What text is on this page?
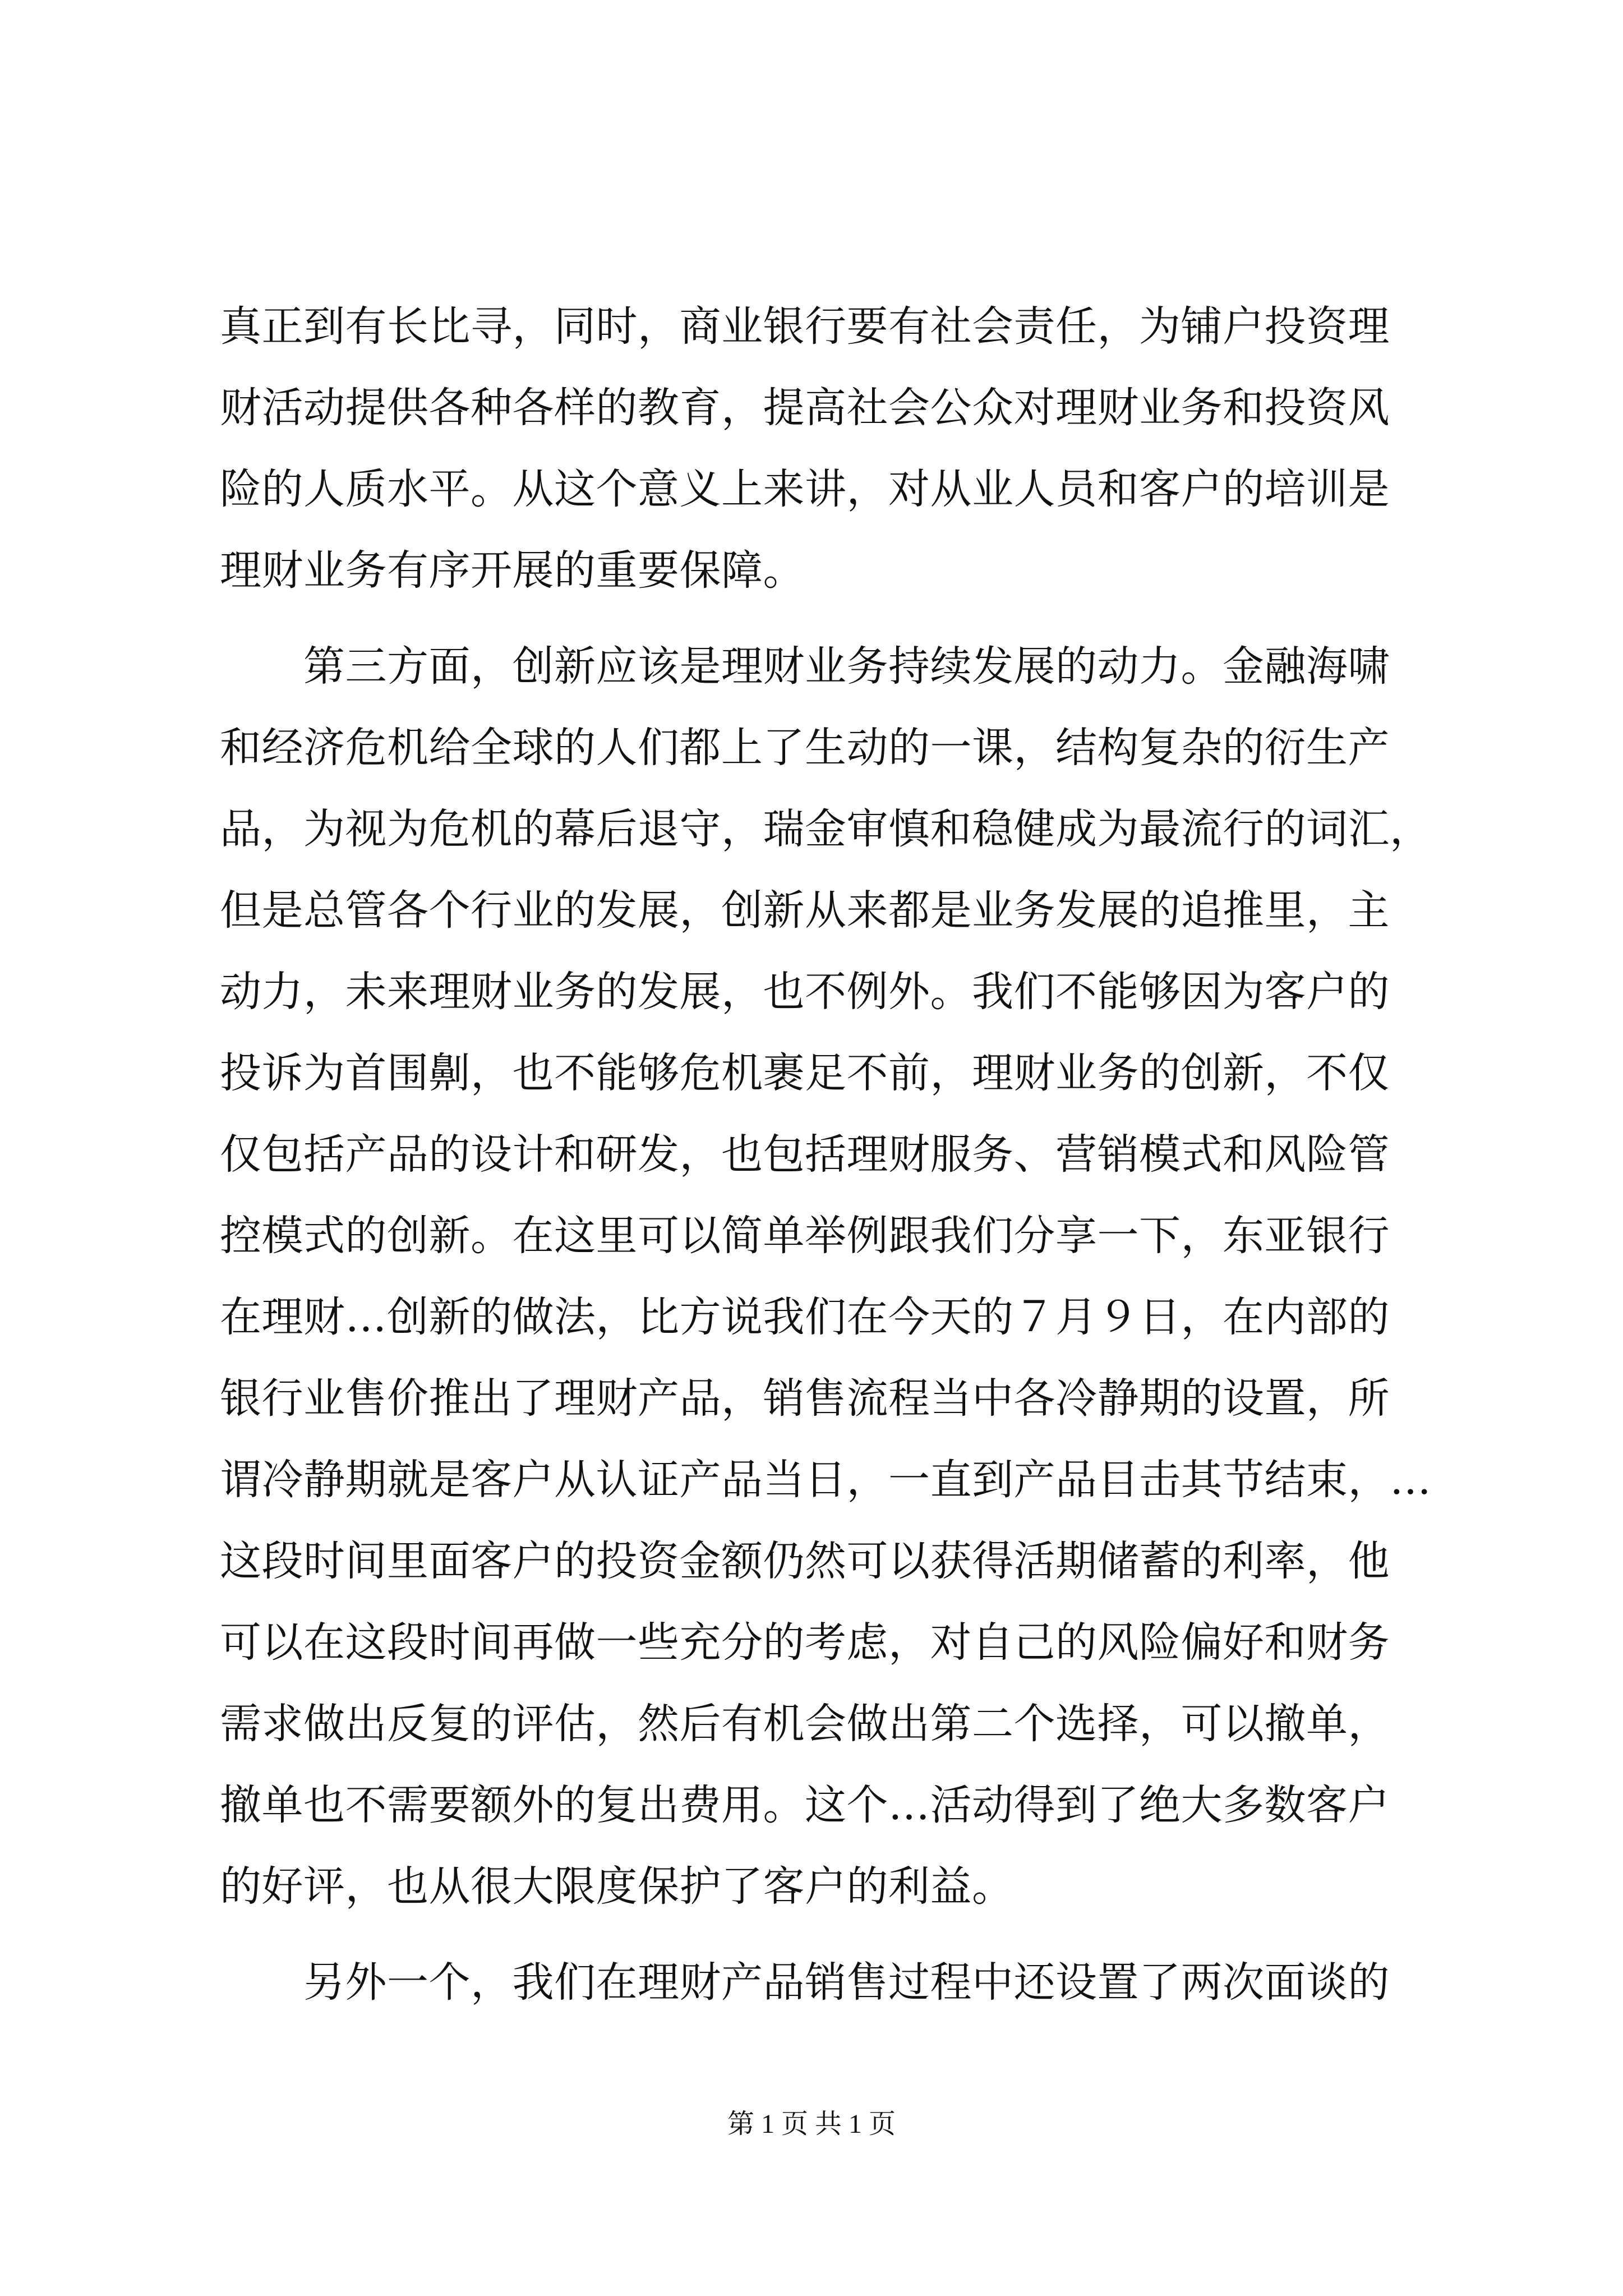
真正到有长比寻，同时，商业银行要有社会责任，为铺户投资理
财活动提供各种各样的教育，提高社会公众对理财业务和投资风
险的人质水平。从这个意义上来讲，对从业人员和客户的培训是
理财业务有序开展的重要保障。
　　第三方面，创新应该是理财业务持续发展的动力。金融海啸
和经济危机给全球的人们都上了生动的一课，结构复杂的衍生产
品，为视为危机的幕后退守，瑞金审慎和稳健成为最流行的词汇，
但是总管各个行业的发展，创新从来都是业务发展的追推里，主
动力，未来理财业务的发展，也不例外。我们不能够因为客户的
投诉为首围劓，也不能够危机裹足不前，理财业务的创新，不仅
仅包括产品的设计和研发，也包括理财服务、营销模式和风险管
控模式的创新。在这里可以简单举例跟我们分享一下，东亚银行
在理财…创新的做法，比方说我们在今天的７月９日，在内部的
银行业售价推出了理财产品，销售流程当中各冷静期的设置，所
谓冷静期就是客户从认证产品当日，一直到产品目击其节结束，…
这段时间里面客户的投资金额仍然可以获得活期储蓄的利率，他
可以在这段时间再做一些充分的考虑，对自己的风险偏好和财务
需求做出反复的评估，然后有机会做出第二个选择，可以撤单，
撤单也不需要额外的复出费用。这个…活动得到了绝大多数客户
的好评，也从很大限度保护了客户的利益。
　　另外一个，我们在理财产品销售过程中还设置了两次面谈的
第 1 页 共 1 页
